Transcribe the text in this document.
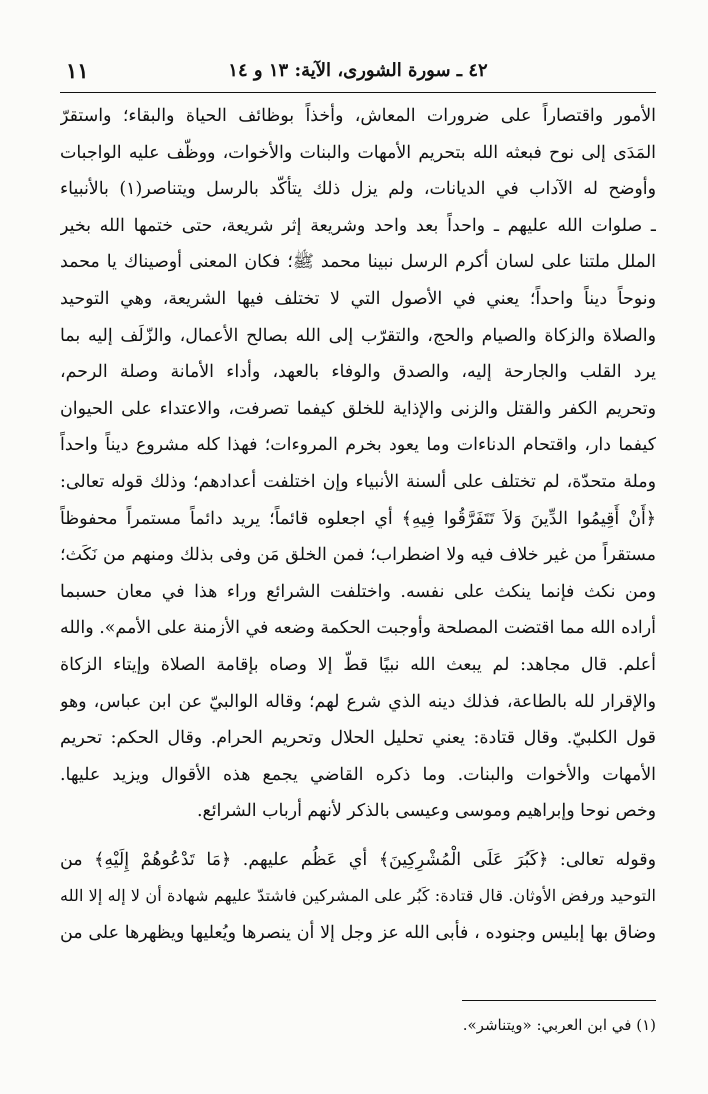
٤٢ ـ سورة الشورى، الآية: ١٣ و ١٤
١١
الأمور واقتصاراً على ضرورات المعاش، وأخذاً بوظائف الحياة والبقاء؛ واستقرّ
المَدَى إلى نوح فبعثه الله بتحريم الأمهات والبنات والأخوات، ووظّف عليه الواجبات
وأوضح له الآداب في الديانات، ولم يزل ذلك يتأكّد بالرسل ويتناصر(١) بالأنبياء
ـ صلوات الله عليهم ـ واحداً بعد واحد وشريعة إثر شريعة، حتى ختمها الله بخير
الملل ملتنا على لسان أكرم الرسل نبينا محمد ﷺ؛ فكان المعنى أوصيناك يا محمد
ونوحاً ديناً واحداً؛ يعني في الأصول التي لا تختلف فيها الشريعة، وهي التوحيد
والصلاة والزكاة والصيام والحج، والتقرّب إلى الله بصالح الأعمال، والزّلَف إليه بما
يرد القلب والجارحة إليه، والصدق والوفاء بالعهد، وأداء الأمانة وصلة الرحم،
وتحريم الكفر والقتل والزنى والإذاية للخلق كيفما تصرفت، والاعتداء على الحيوان
كيفما دار، واقتحام الدناءات وما يعود بخرم المروءات؛ فهذا كله مشروع ديناً واحداً
وملة متحدّة، لم تختلف على ألسنة الأنبياء وإن اختلفت أعدادهم؛ وذلك قوله تعالى:
﴿أَنْ أَقِيمُوا الدِّينَ وَلاَ تَتَفَرَّقُوا فِيهِ﴾ أي اجعلوه قائماً؛ يريد دائماً مستمراً محفوظاً
مستقراً من غير خلاف فيه ولا اضطراب؛ فمن الخلق مَن وفى بذلك ومنهم من نَكَث؛
ومن نكث فإنما ينكث على نفسه. واختلفت الشرائع وراء هذا في معان حسبما
أراده الله مما اقتضت المصلحة وأوجبت الحكمة وضعه في الأزمنة على الأمم». والله
أعلم. قال مجاهد: لم يبعث الله نبيًا قطّ إلا وصاه بإقامة الصلاة وإيتاء الزكاة
والإقرار لله بالطاعة، فذلك دينه الذي شرع لهم؛ وقاله الوالبيّ عن ابن عباس، وهو
قول الكلبيّ. وقال قتادة: يعني تحليل الحلال وتحريم الحرام. وقال الحكم: تحريم
الأمهات والأخوات والبنات. وما ذكره القاضي يجمع هذه الأقوال ويزيد عليها.
وخص نوحا وإبراهيم وموسى وعيسى بالذكر لأنهم أرباب الشرائع.
وقوله تعالى: ﴿كَبُرَ عَلَى الْمُشْرِكِينَ﴾ أي عَظُم عليهم. ﴿مَا تَدْعُوهُمْ إِلَيْهِ﴾ من
التوحيد ورفض الأوثان. قال قتادة: كَبُر على المشركين فاشتدّ عليهم شهادة أن لا إله إلا الله
وضاق بها إبليس وجنوده ، فأبى الله عز وجل إلا أن ينصرها ويُعليها ويظهرها على من
(١) في ابن العربي: «ويتناشر».
